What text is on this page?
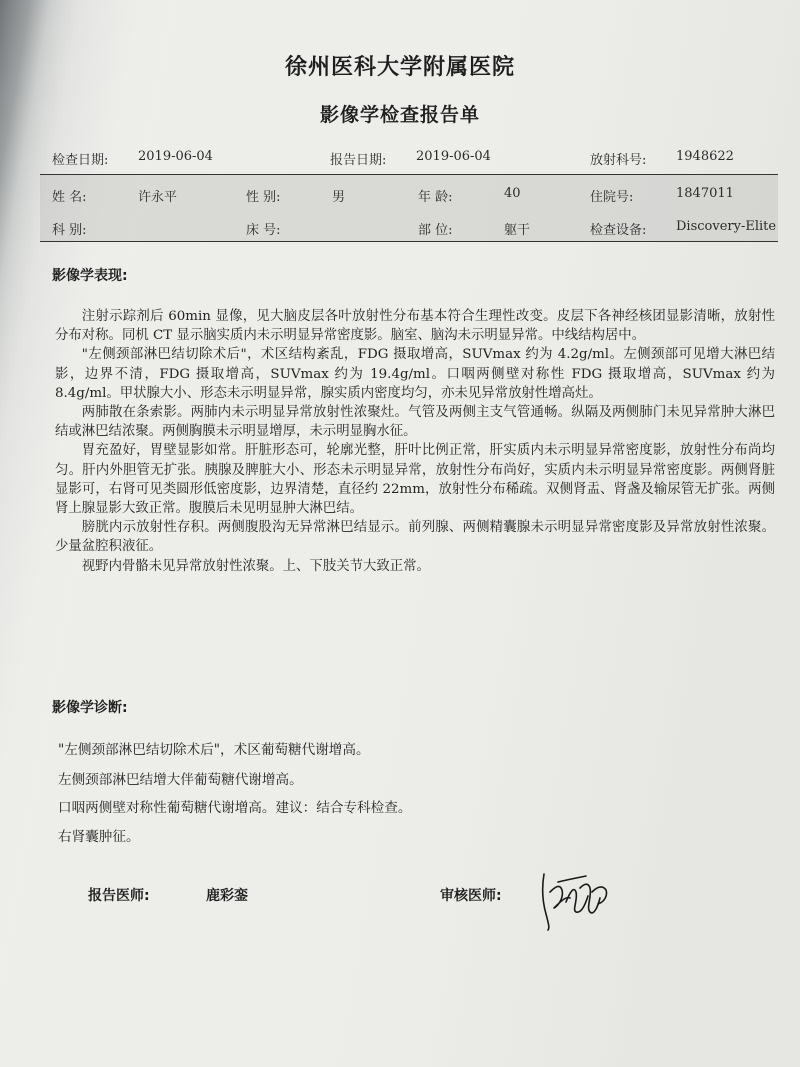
徐州医科大学附属医院
影像学检查报告单
检查日期: 2019-06-04	报告日期: 2019-06-04	放射科号: 1948622
姓 名:	许永平	性 别:	男	年 龄:	40	住院号:	1847011
科 别:	床 号:	部 位:	躯干	检查设备: Discovery-Elite
影像学表现:

注射示踪剂后 60min 显像，见大脑皮层各叶放射性分布基本符合生理性改变。皮层下各神经核团显影清晰，放射性分布对称。同机 CT 显示脑实质内未示明显异常密度影。脑室、脑沟未示明显异常。中线结构居中。

"左侧颈部淋巴结切除术后"，术区结构紊乱，FDG 摄取增高，SUVmax 约为 4.2g/ml。左侧颈部可见增大淋巴结影，边界不清，FDG 摄取增高，SUVmax 约为 19.4g/ml。口咽两侧壁对称性 FDG 摄取增高，SUVmax 约为 8.4g/ml。甲状腺大小、形态未示明显异常，腺实质内密度均匀，亦未见异常放射性增高灶。

两肺散在条索影。两肺内未示明显异常放射性浓聚灶。气管及两侧主支气管通畅。纵隔及两侧肺门未见异常肿大淋巴结或淋巴结浓聚。两侧胸膜未示明显增厚，未示明显胸水征。

胃充盈好，胃壁显影如常。肝脏形态可，轮廓光整，肝叶比例正常，肝实质内未示明显异常密度影，放射性分布尚均匀。肝内外胆管无扩张。胰腺及脾脏大小、形态未示明显异常，放射性分布尚好，实质内未示明显异常密度影。两侧肾脏显影可，右肾可见类圆形低密度影，边界清楚，直径约 22mm，放射性分布稀疏。双侧肾盂、肾盏及输尿管无扩张。两侧肾上腺显影大致正常。腹膜后未见明显肿大淋巴结。

膀胱内示放射性存积。两侧腹股沟无异常淋巴结显示。前列腺、两侧精囊腺未示明显异常密度影及异常放射性浓聚。少量盆腔积液征。

视野内骨骼未见异常放射性浓聚。上、下肢关节大致正常。

影像学诊断:
"左侧颈部淋巴结切除术后"，术区葡萄糖代谢增高。
左侧颈部淋巴结增大伴葡萄糖代谢增高。
口咽两侧壁对称性葡萄糖代谢增高。建议：结合专科检查。
右肾囊肿征。
报告医师:	鹿彩銮	审核医师:
